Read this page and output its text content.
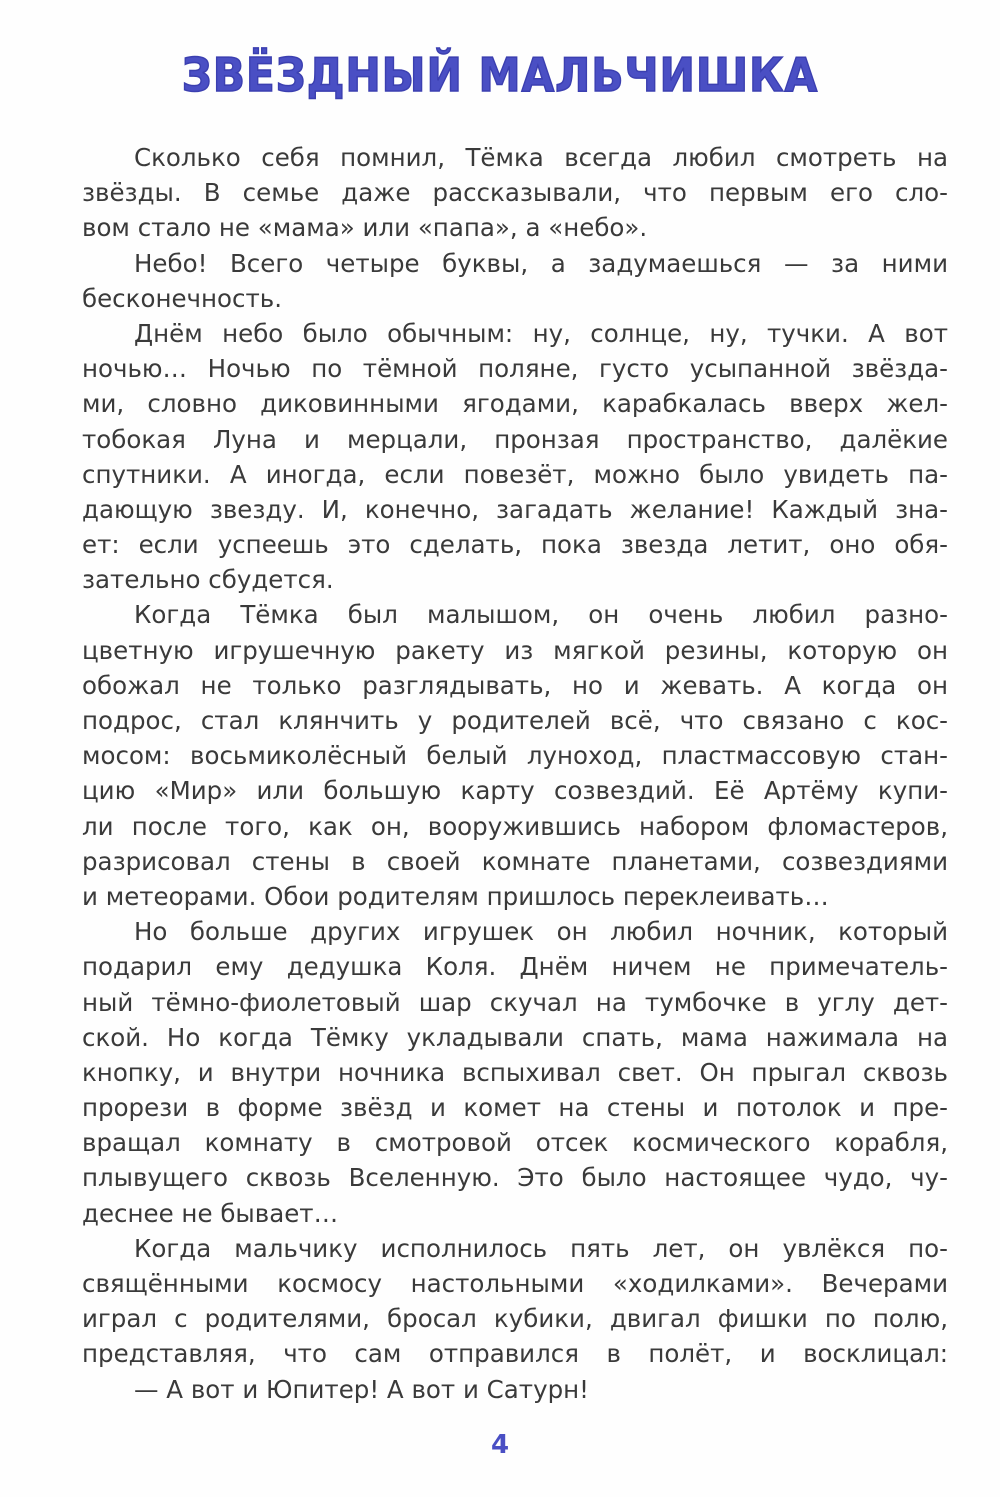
ЗВЁЗДНЫЙ МАЛЬЧИШКА
Сколько себя помнил, Тёмка всегда любил смотреть на
звёзды. В семье даже рассказывали, что первым его сло-
вом стало не «мама» или «папа», а «небо».
Небо! Всего четыре буквы, а задумаешься — за ними
бесконечность.
Днём небо было обычным: ну, солнце, ну, тучки. А вот
ночью… Ночью по тёмной поляне, густо усыпанной звёзда-
ми, словно диковинными ягодами, карабкалась вверх жел-
тобокая Луна и мерцали, пронзая пространство, далёкие
спутники. А иногда, если повезёт, можно было увидеть па-
дающую звезду. И, конечно, загадать желание! Каждый зна-
ет: если успеешь это сделать, пока звезда летит, оно обя-
зательно сбудется.
Когда Тёмка был малышом, он очень любил разно-
цветную игрушечную ракету из мягкой резины, которую он
обожал не только разглядывать, но и жевать. А когда он
подрос, стал клянчить у родителей всё, что связано с кос-
мосом: восьмиколёсный белый луноход, пластмассовую стан-
цию «Мир» или большую карту созвездий. Её Артёму купи-
ли после того, как он, вооружившись набором фломастеров,
разрисовал стены в своей комнате планетами, созвездиями
и метеорами. Обои родителям пришлось переклеивать…
Но больше других игрушек он любил ночник, который
подарил ему дедушка Коля. Днём ничем не примечатель-
ный тёмно-фиолетовый шар скучал на тумбочке в углу дет-
ской. Но когда Тёмку укладывали спать, мама нажимала на
кнопку, и внутри ночника вспыхивал свет. Он прыгал сквозь
прорези в форме звёзд и комет на стены и потолок и пре-
вращал комнату в смотровой отсек космического корабля,
плывущего сквозь Вселенную. Это было настоящее чудо, чу-
деснее не бывает…
Когда мальчику исполнилось пять лет, он увлёкся по-
свящёнными космосу настольными «ходилками». Вечерами
играл с родителями, бросал кубики, двигал фишки по полю,
представляя, что сам отправился в полёт, и восклицал:
— А вот и Юпитер! А вот и Сатурн!
4
